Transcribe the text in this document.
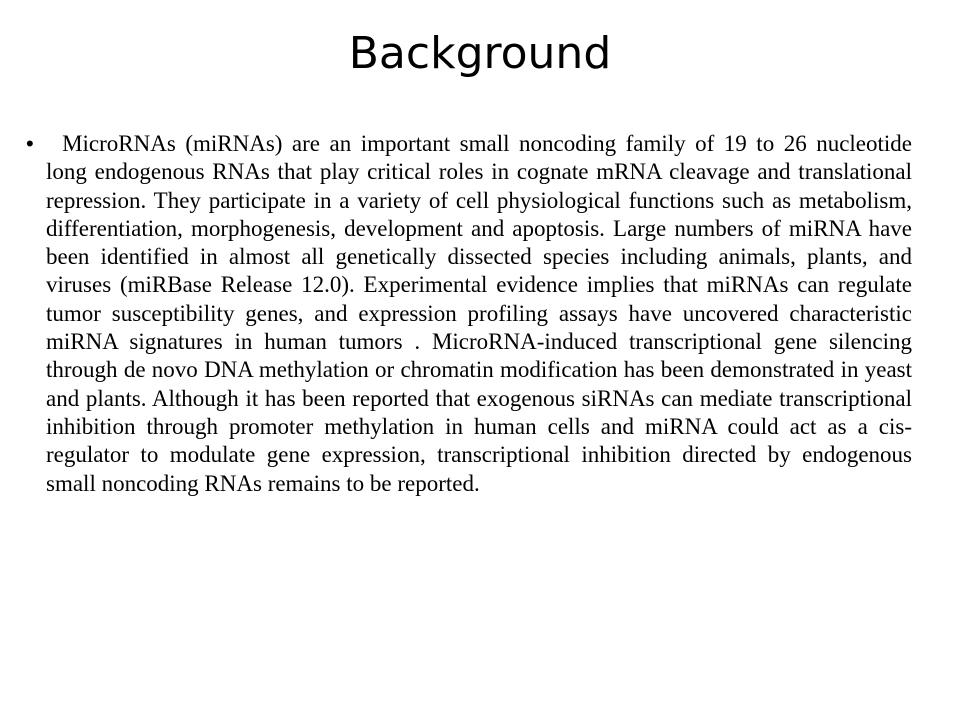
Background
•	MicroRNAs (miRNAs) are an important small noncoding family of 19 to 26 nucleotide long endogenous RNAs that play critical roles in cognate mRNA cleavage and translational repression. They participate in a variety of cell physiological functions such as metabolism, differentiation, morphogenesis, development and apoptosis. Large numbers of miRNA have been identified in almost all genetically dissected species including animals, plants, and viruses (miRBase Release 12.0). Experimental evidence implies that miRNAs can regulate tumor susceptibility genes, and expression profiling assays have uncovered characteristic miRNA signatures in human tumors . MicroRNA-induced transcriptional gene silencing through de novo DNA methylation or chromatin modification has been demonstrated in yeast and plants. Although it has been reported that exogenous siRNAs can mediate transcriptional inhibition through promoter methylation in human cells and miRNA could act as a cis-regulator to modulate gene expression, transcriptional inhibition directed by endogenous small noncoding RNAs remains to be reported.
